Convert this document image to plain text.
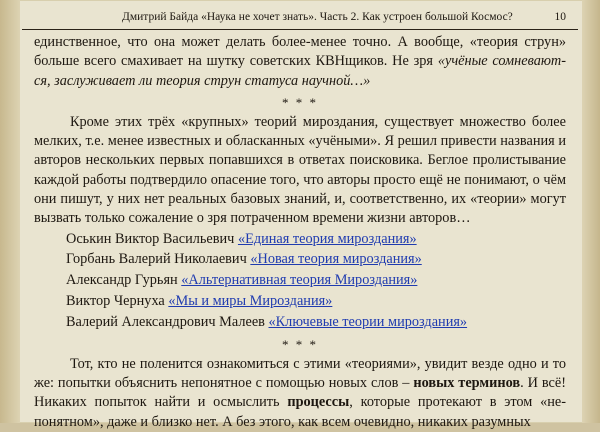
Дмитрий Байда «Наука не хочет знать». Часть 2. Как устроен большой Космос?	10

единственное, что она может делать более-менее точно. А вообще, «теория струн» больше всего смахивает на шутку советских КВНщиков. Не зря «учёные сомневают-ся, заслуживает ли теория струн статуса научной…»

* * *

Кроме этих трёх «крупных» теорий мироздания, существует множество более мелких, т.е. менее известных и обласканных «учёными». Я решил привести названия и авторов нескольких первых попавшихся в ответах поисковика. Беглое пролистывание каждой работы подтвердило опасение того, что авторы просто ещё не понимают, о чём они пишут, у них нет реальных базовых знаний, и, соответственно, их «теории» могут вызвать только сожаление о зря потраченном времени жизни авторов…

Оськин Виктор Васильевич «Единая теория мироздания»

Горбань Валерий Николаевич «Новая теория мироздания»

Александр Гурьян «Альтернативная теория Мироздания»

Виктор Чернуха «Мы и миры Мироздания»

Валерий Александрович Малеев «Ключевые теории мироздания»

* * *

Тот, кто не поленится ознакомиться с этими «теориями», увидит везде одно и то же: попытки объяснить непонятное с помощью новых слов – новых терминов. И всё! Никаких попыток найти и осмыслить процессы, которые протекают в этом «не-понятном», даже и близко нет. А без этого, как всем очевидно, никаких разумных
